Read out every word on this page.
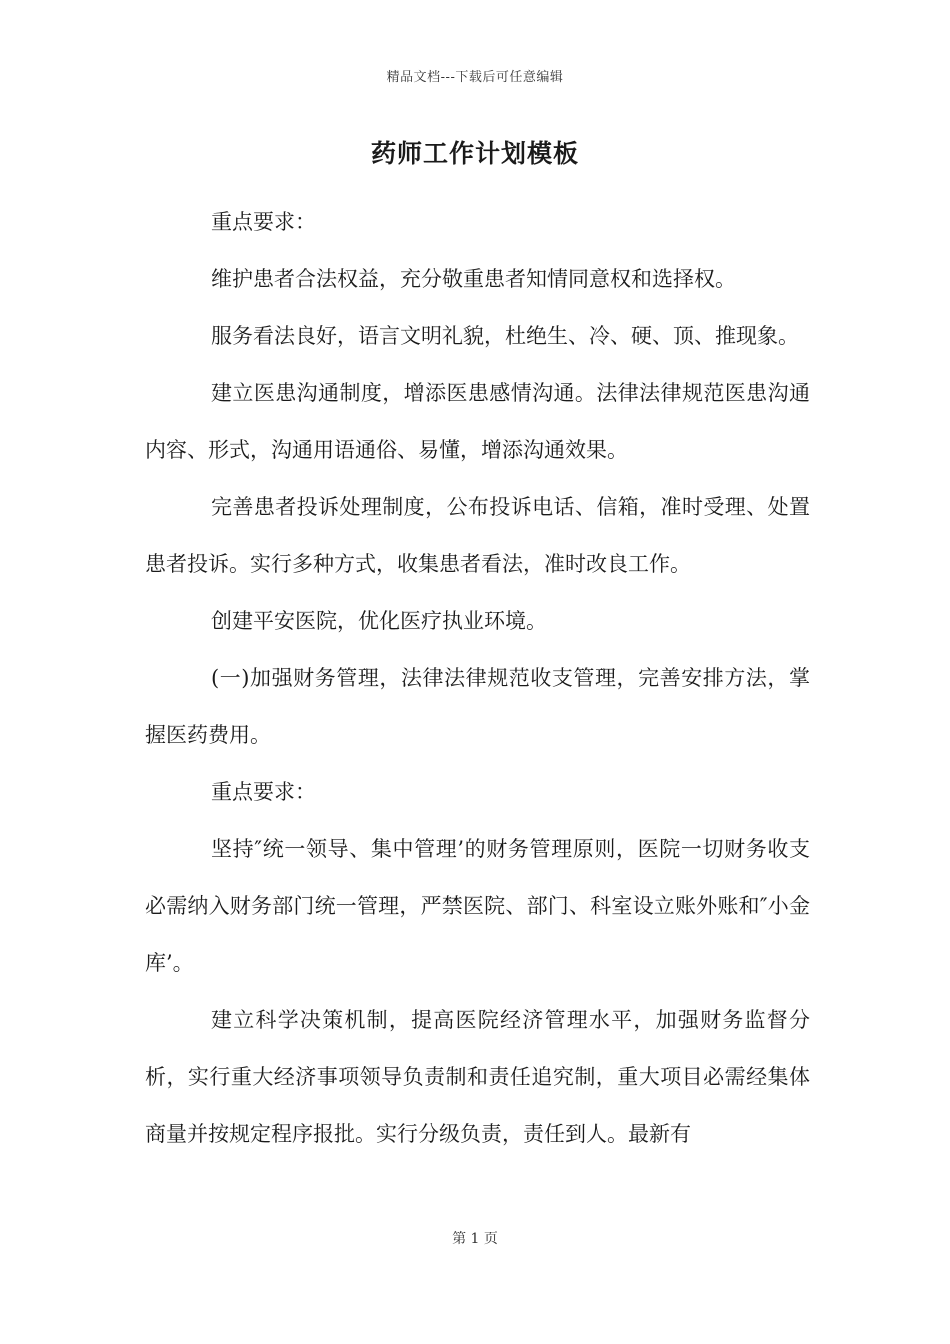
精品文档---下载后可任意编辑
药师工作计划模板

重点要求：

维护患者合法权益，充分敬重患者知情同意权和选择权。

服务看法良好，语言文明礼貌，杜绝生、冷、硬、顶、推现象。

建立医患沟通制度，增添医患感情沟通。法律法律规范医患沟通内容、形式，沟通用语通俗、易懂，增添沟通效果。

完善患者投诉处理制度，公布投诉电话、信箱，准时受理、处置患者投诉。实行多种方式，收集患者看法，准时改良工作。

创建平安医院，优化医疗执业环境。

(一)加强财务管理，法律法律规范收支管理，完善安排方法，掌握医药费用。

重点要求：

坚持″统一领导、集中管理’的财务管理原则，医院一切财务收支必需纳入财务部门统一管理，严禁医院、部门、科室设立账外账和″小金库’。

建立科学决策机制，提高医院经济管理水平，加强财务监督分析，实行重大经济事项领导负责制和责任追究制，重大项目必需经集体商量并按规定程序报批。实行分级负责，责任到人。最新有

第 1 页
